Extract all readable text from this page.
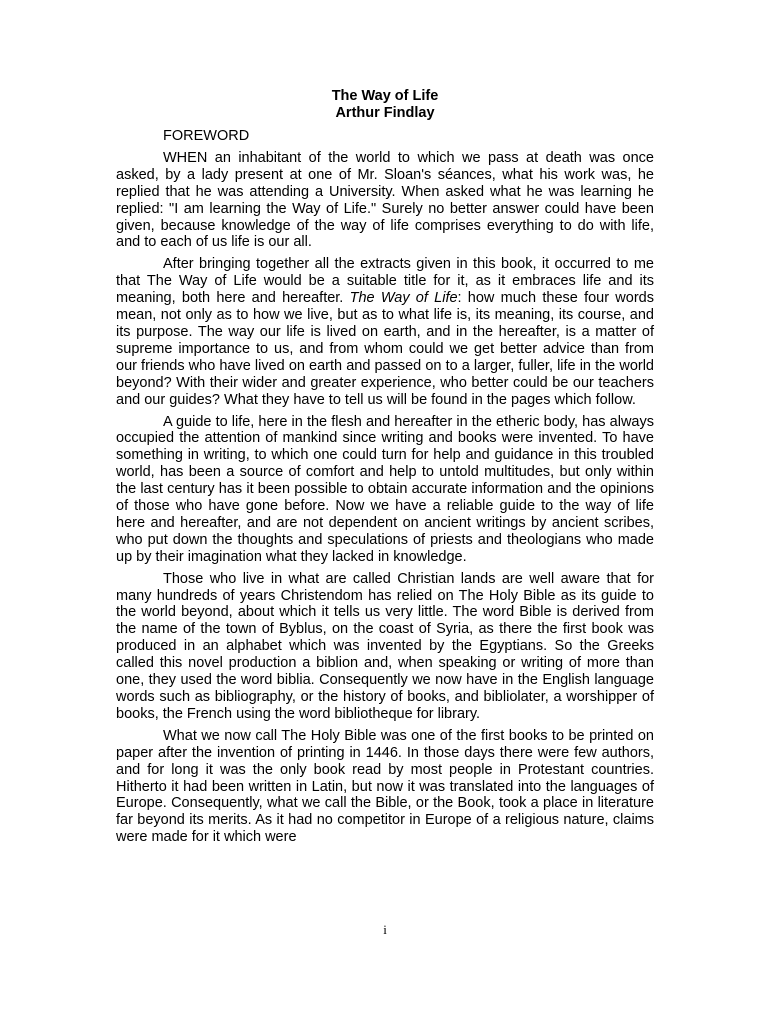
The Way of Life
Arthur Findlay
FOREWORD

WHEN an inhabitant of the world to which we pass at death was once asked, by a lady present at one of Mr. Sloan's séances, what his work was, he replied that he was attending a University. When asked what he was learning he replied: "I am learning the Way of Life." Surely no better answer could have been given, because knowledge of the way of life comprises everything to do with life, and to each of us life is our all.

After bringing together all the extracts given in this book, it occurred to me that The Way of Life would be a suitable title for it, as it embraces life and its meaning, both here and hereafter. The Way of Life: how much these four words mean, not only as to how we live, but as to what life is, its meaning, its course, and its purpose. The way our life is lived on earth, and in the hereafter, is a matter of supreme importance to us, and from whom could we get better advice than from our friends who have lived on earth and passed on to a larger, fuller, life in the world beyond? With their wider and greater experience, who better could be our teachers and our guides? What they have to tell us will be found in the pages which follow.

A guide to life, here in the flesh and hereafter in the etheric body, has always occupied the attention of mankind since writing and books were invented. To have something in writing, to which one could turn for help and guidance in this troubled world, has been a source of comfort and help to untold multitudes, but only within the last century has it been possible to obtain accurate information and the opinions of those who have gone before. Now we have a reliable guide to the way of life here and hereafter, and are not dependent on ancient writings by ancient scribes, who put down the thoughts and speculations of priests and theologians who made up by their imagination what they lacked in knowledge.

Those who live in what are called Christian lands are well aware that for many hundreds of years Christendom has relied on The Holy Bible as its guide to the world beyond, about which it tells us very little. The word Bible is derived from the name of the town of Byblus, on the coast of Syria, as there the first book was produced in an alphabet which was invented by the Egyptians. So the Greeks called this novel production a biblion and, when speaking or writing of more than one, they used the word biblia. Consequently we now have in the English language words such as bibliography, or the history of books, and bibliolater, a worshipper of books, the French using the word bibliotheque for library.

What we now call The Holy Bible was one of the first books to be printed on paper after the invention of printing in 1446. In those days there were few authors, and for long it was the only book read by most people in Protestant countries. Hitherto it had been written in Latin, but now it was translated into the languages of Europe. Consequently, what we call the Bible, or the Book, took a place in literature far beyond its merits. As it had no competitor in Europe of a religious nature, claims were made for it which were

i
